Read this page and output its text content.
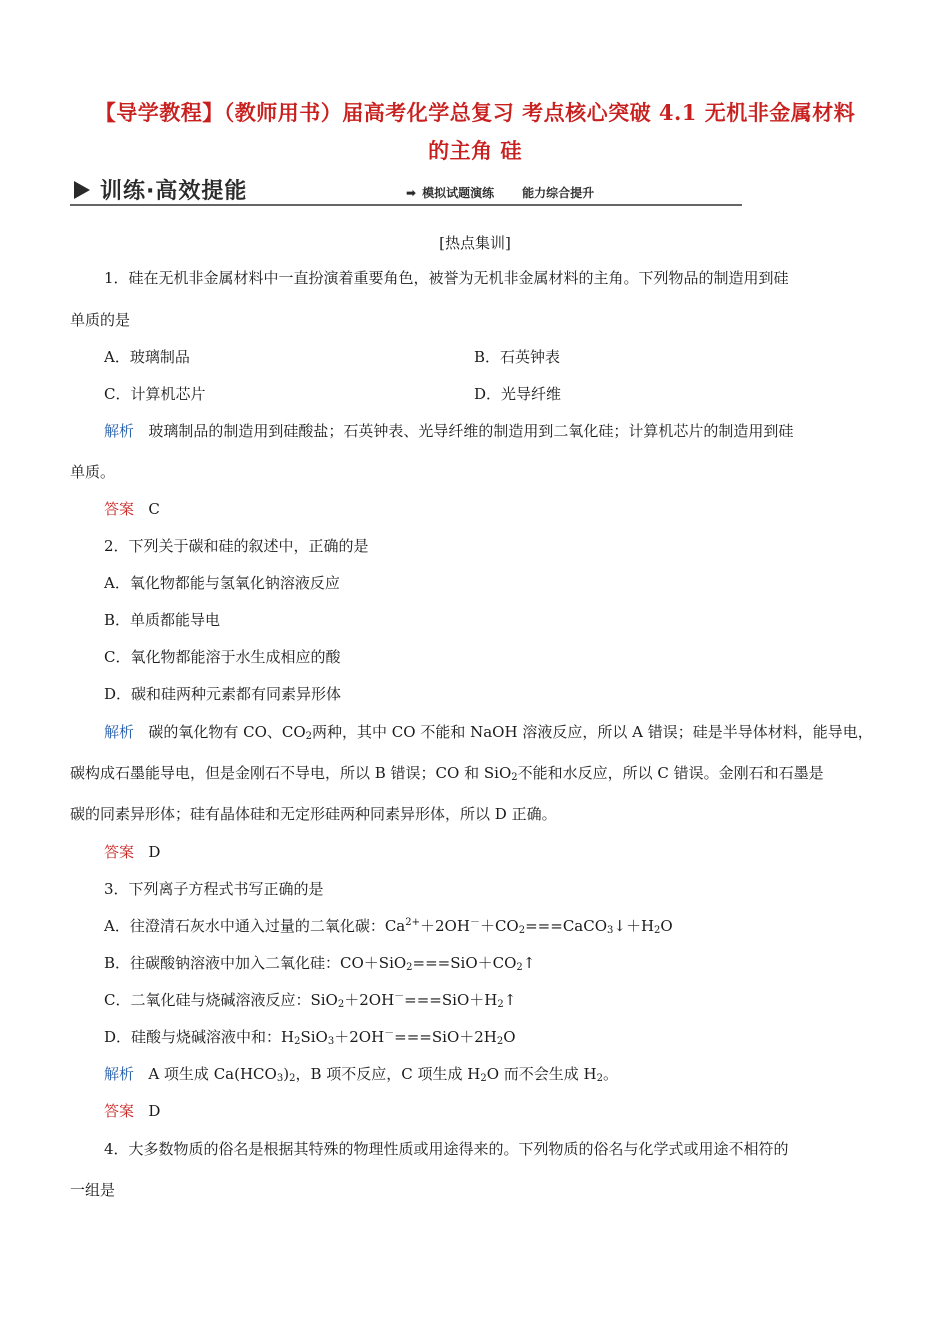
【导学教程】（教师用书）届高考化学总复习 考点核心突破 4.1 无机非金属材料
的主角 硅
训练·高效提能	➡ 模拟试题演练 能力综合提升
[热点集训]
1．硅在无机非金属材料中一直扮演着重要角色，被誉为无机非金属材料的主角。下列物品的制造用到硅
单质的是
A．玻璃制品	B．石英钟表
C．计算机芯片	D．光导纤维
解析 玻璃制品的制造用到硅酸盐；石英钟表、光导纤维的制造用到二氧化硅；计算机芯片的制造用到硅
单质。
答案 C
2．下列关于碳和硅的叙述中，正确的是
A．氧化物都能与氢氧化钠溶液反应
B．单质都能导电
C．氧化物都能溶于水生成相应的酸
D．碳和硅两种元素都有同素异形体
解析 碳的氧化物有 CO、$CO_2$两种，其中 CO 不能和 NaOH 溶液反应，所以 A 错误；硅是半导体材料，能导电，
碳构成石墨能导电，但是金刚石不导电，所以 B 错误；CO 和 SiO$_2$不能和水反应，所以 C 错误。金刚石和石墨是
碳的同素异形体；硅有晶体硅和无定形硅两种同素异形体，所以 D 正确。
答案 D
3．下列离子方程式书写正确的是
A．往澄清石灰水中通入过量的二氧化碳：$Ca^{2+}+2OH^-+CO_2===CaCO_3↓+H_2O$
B．往碳酸钠溶液中加入二氧化硅：$CO+SiO_2===SiO+CO_2↑$
C．二氧化硅与烧碱溶液反应：$SiO_2+2OH^-===SiO+H_2↑$
D．硅酸与烧碱溶液中和：$H_2SiO_3+2OH^-===SiO+2H_2O$
解析 A 项生成 $Ca(HCO_3)_2$，B 项不反应，C 项生成 $H_2O$ 而不会生成 $H_2$。
答案 D
4．大多数物质的俗名是根据其特殊的物理性质或用途得来的。下列物质的俗名与化学式或用途不相符的
一组是
